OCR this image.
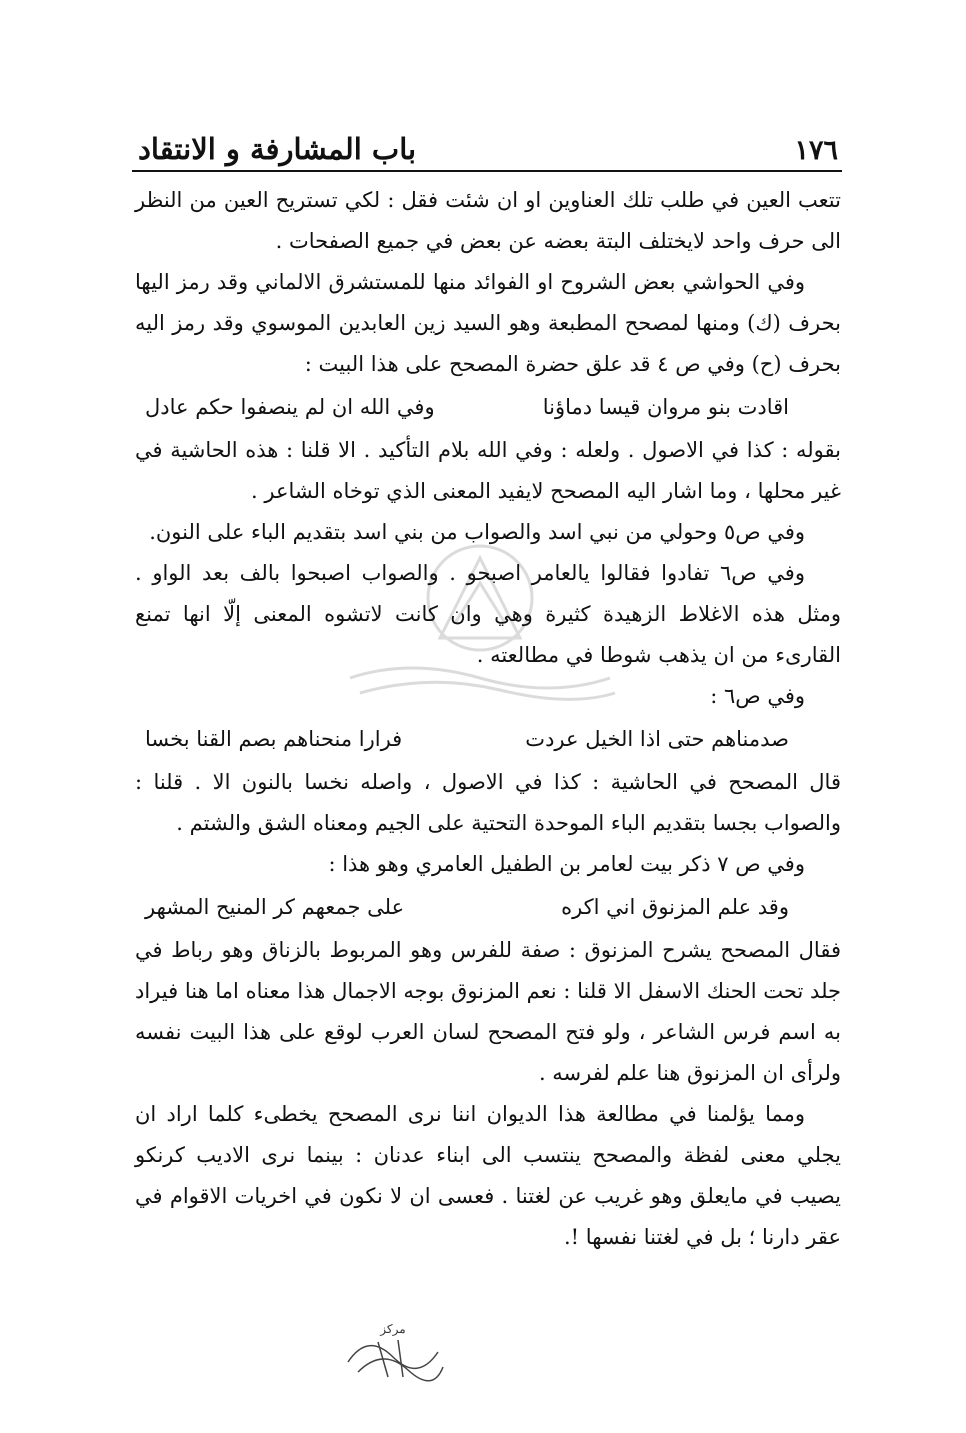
١٧٦
باب المشارفة و الانتقاد

تتعب العين في طلب تلك العناوين او ان شئت فقل : لكي تستريح العين من النظر الى حرف واحد لايختلف البتة بعضه عن بعض في جميع الصفحات .

وفي الحواشي بعض الشروح او الفوائد منها للمستشرق الالماني وقد رمز اليها بحرف (ك) ومنها لمصحح المطبعة وهو السيد زين العابدين الموسوي وقد رمز اليه بحرف (ح) وفي ص ٤ قد علق حضرة المصحح على هذا البيت :

اقادت بنو مروان قيسا دماؤنا
وفي الله ان لم ينصفوا حكم عادل

بقوله : كذا في الاصول . ولعله : وفي الله بلام التأكيد . الا قلنا : هذه الحاشية في غير محلها ، وما اشار اليه المصحح لايفيد المعنى الذي توخاه الشاعر .

وفي ص٥ وحولي من نبي اسد والصواب من بني اسد بتقديم الباء على النون.

وفي ص٦ تفادوا فقالوا يالعامر اصبحو . والصواب اصبحوا بالف بعد الواو . ومثل هذه الاغلاط الزهيدة كثيرة وهي وان كانت لاتشوه المعنى إلّا انها تمنع القارىء من ان يذهب شوطا في مطالعته .

وفي ص٦ :

صدمناهم حتى اذا الخيل عردت
فرارا منحناهم بصم القنا بخسا

قال المصحح في الحاشية : كذا في الاصول ، واصله نخسا بالنون الا . قلنا : والصواب بجسا بتقديم الباء الموحدة التحتية على الجيم ومعناه الشق والشتم .

وفي ص ٧ ذكر بيت لعامر بن الطفيل العامري وهو هذا :

وقد علم المزنوق اني اكره
على جمعهم كر المنيح المشهر

فقال المصحح يشرح المزنوق : صفة للفرس وهو المربوط بالزناق وهو رباط في جلد تحت الحنك الاسفل الا قلنا : نعم المزنوق بوجه الاجمال هذا معناه اما هنا فيراد به اسم فرس الشاعر ، ولو فتح المصحح لسان العرب لوقع على هذا البيت نفسه ولرأى ان المزنوق هنا علم لفرسه .

ومما يؤلمنا في مطالعة هذا الديوان اننا نرى المصحح يخطىء كلما اراد ان يجلي معنى لفظة والمصحح ينتسب الى ابناء عدنان : بينما نرى الاديب كرنكو يصيب في مايعلق وهو غريب عن لغتنا . فعسى ان لا نكون في اخريات الاقوام في عقر دارنا ؛ بل في لغتنا نفسها !.

مرکز
